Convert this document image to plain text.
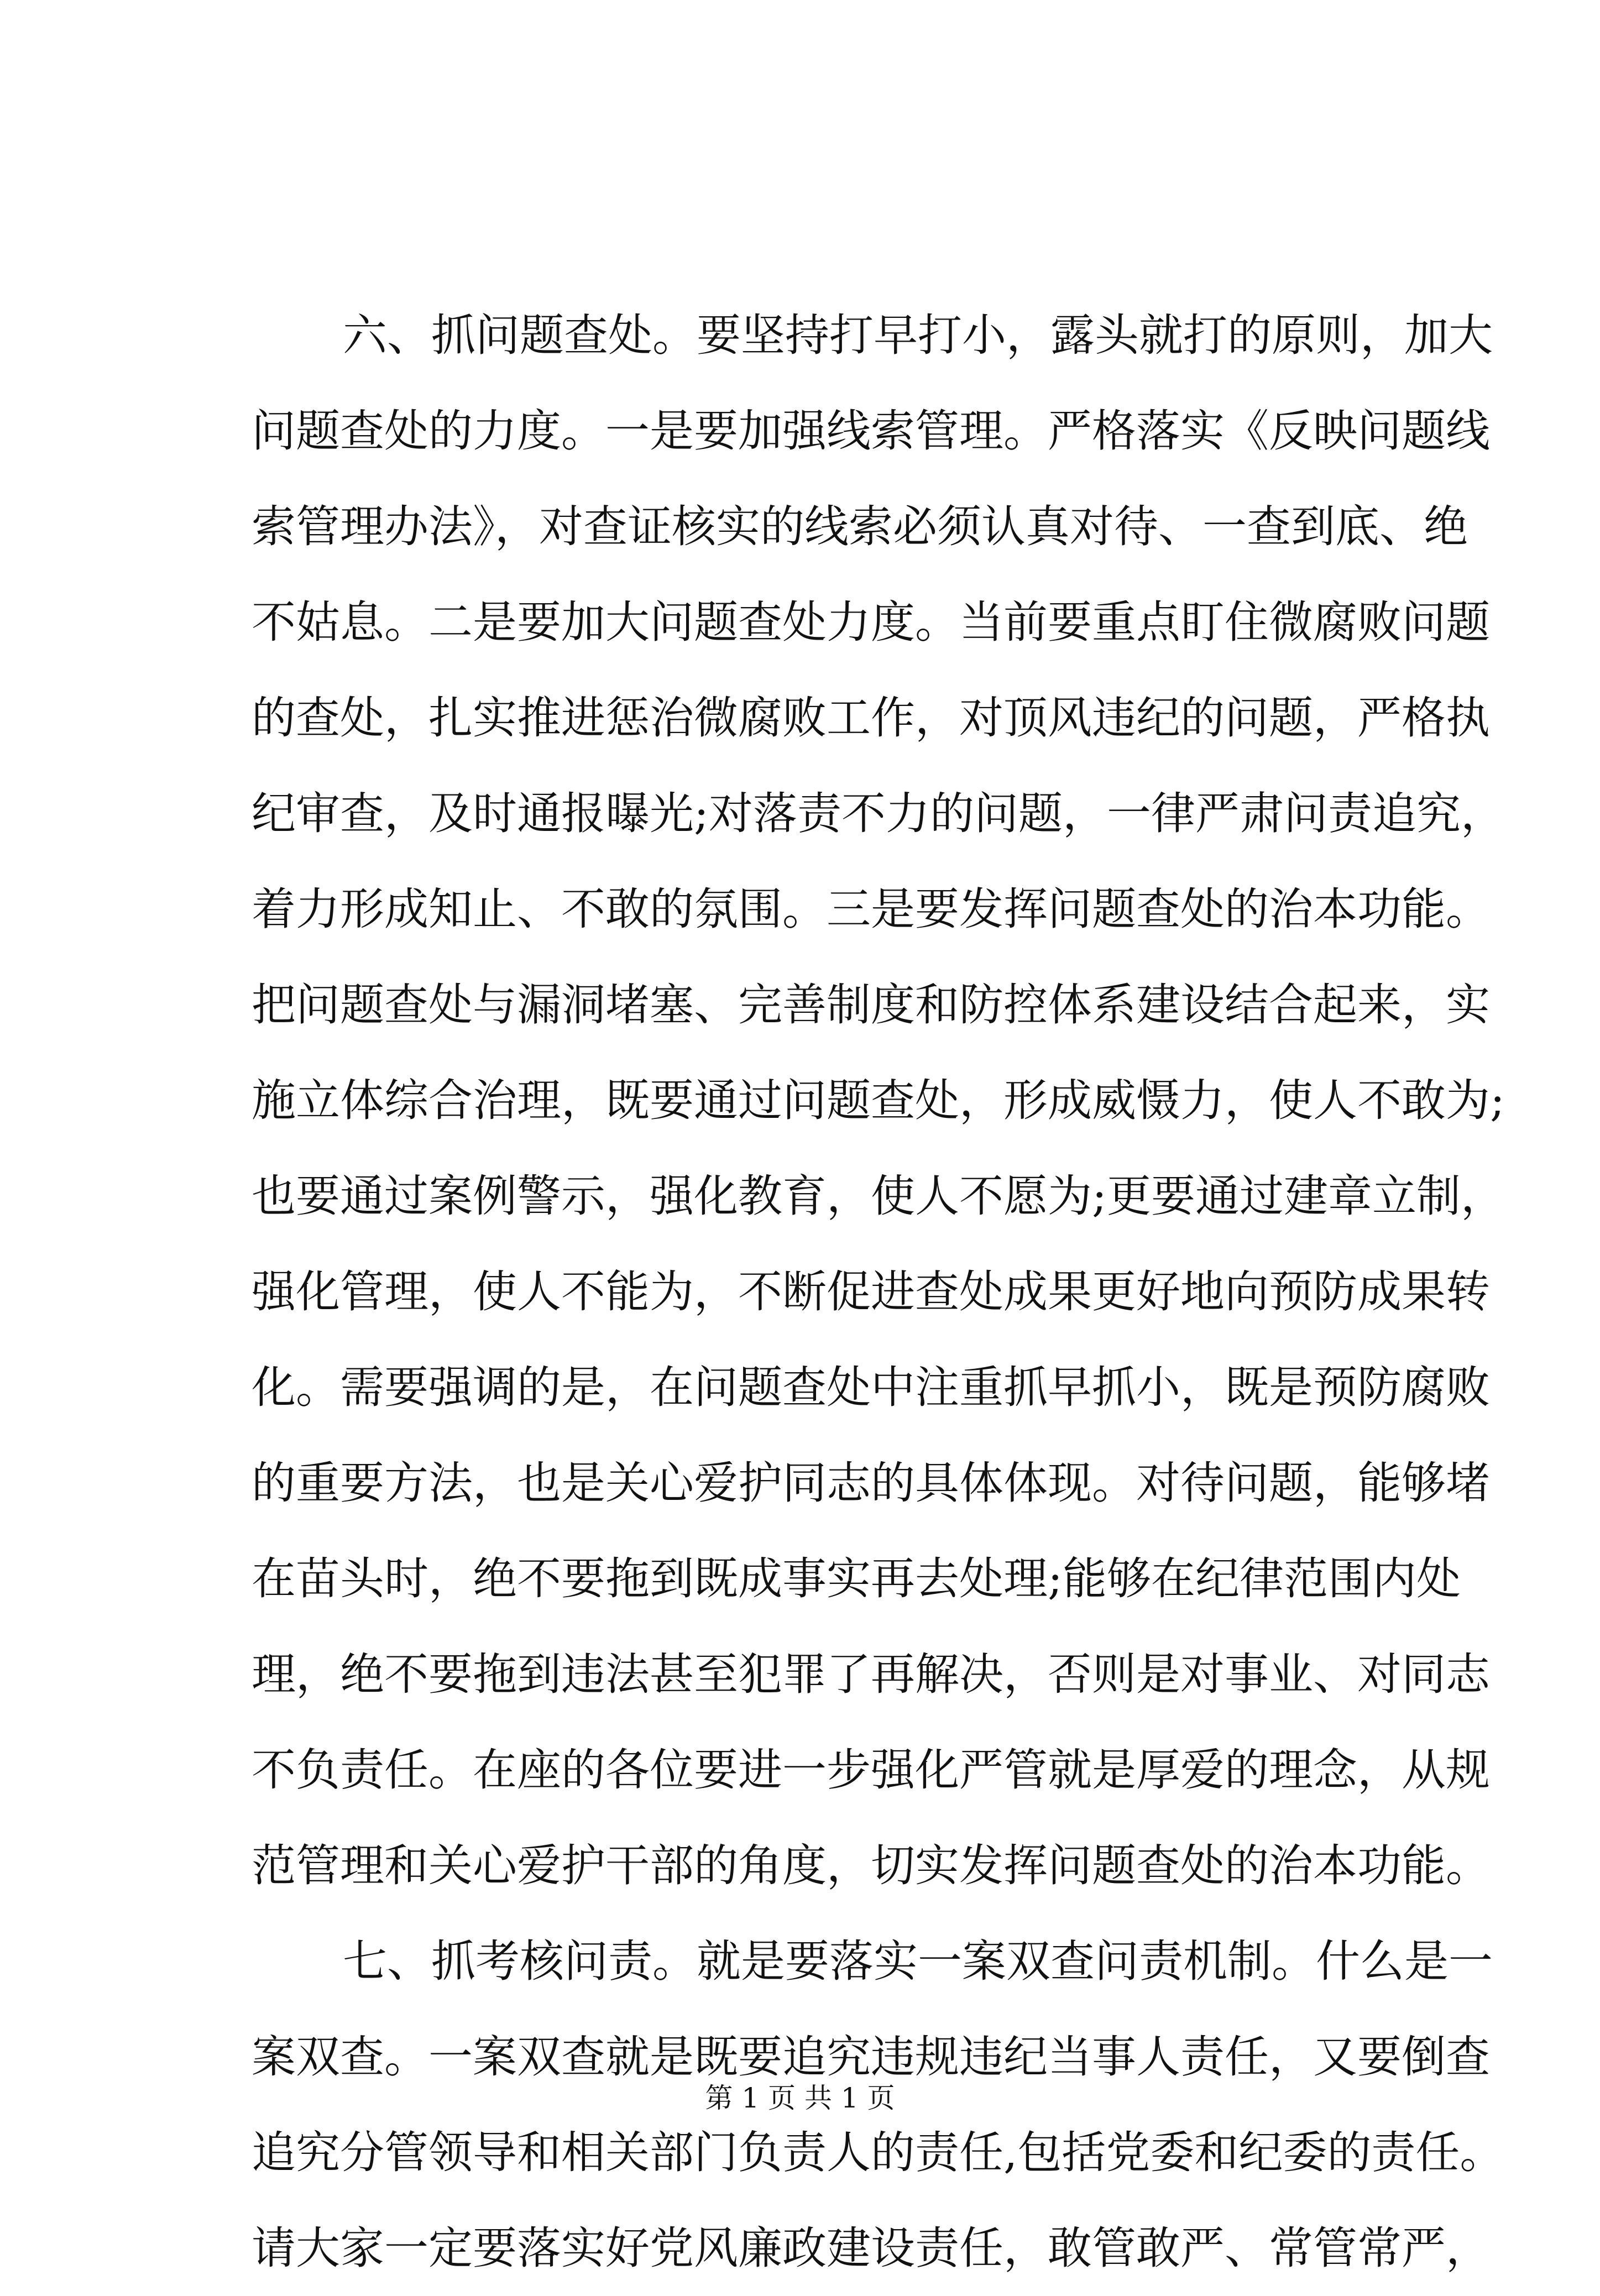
六、抓问题查处。要坚持打早打小，露头就打的原则，加大
问题查处的力度。一是要加强线索管理。严格落实《反映问题线
索管理办法》，对查证核实的线索必须认真对待、一查到底、绝
不姑息。二是要加大问题查处力度。当前要重点盯住微腐败问题
的查处，扎实推进惩治微腐败工作，对顶风违纪的问题，严格执
纪审查，及时通报曝光;对落责不力的问题，一律严肃问责追究，
着力形成知止、不敢的氛围。三是要发挥问题查处的治本功能。
把问题查处与漏洞堵塞、完善制度和防控体系建设结合起来，实
施立体综合治理，既要通过问题查处，形成威慑力，使人不敢为;
也要通过案例警示，强化教育，使人不愿为;更要通过建章立制，
强化管理，使人不能为，不断促进查处成果更好地向预防成果转
化。需要强调的是，在问题查处中注重抓早抓小，既是预防腐败
的重要方法，也是关心爱护同志的具体体现。对待问题，能够堵
在苗头时，绝不要拖到既成事实再去处理;能够在纪律范围内处
理，绝不要拖到违法甚至犯罪了再解决，否则是对事业、对同志
不负责任。在座的各位要进一步强化严管就是厚爱的理念，从规
范管理和关心爱护干部的角度，切实发挥问题查处的治本功能。
七、抓考核问责。就是要落实一案双查问责机制。什么是一
案双查。一案双查就是既要追究违规违纪当事人责任，又要倒查
追究分管领导和相关部门负责人的责任,包括党委和纪委的责任。
请大家一定要落实好党风廉政建设责任，敢管敢严、常管常严，
第 1 页 共 1 页
